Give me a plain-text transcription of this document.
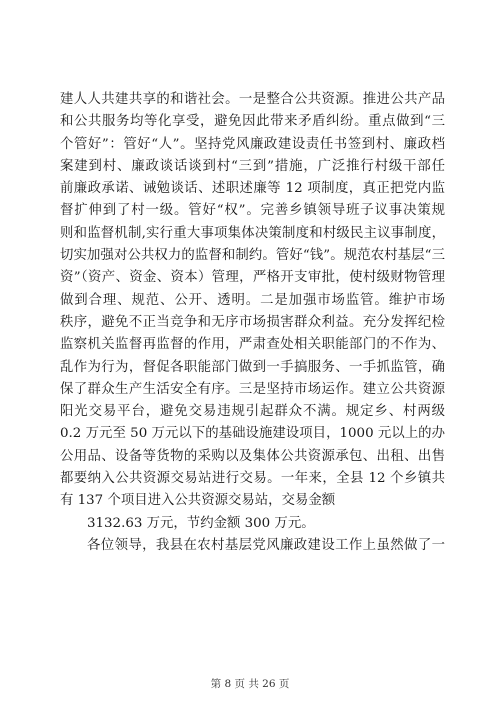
建人人共建共享的和谐社会。一是整合公共资源。推进公共产品
和公共服务均等化享受，避免因此带来矛盾纠纷。重点做到“三
个管好”：管好“人”。坚持党风廉政建设责任书签到村、廉政档
案建到村、廉政谈话谈到村“三到”措施，广泛推行村级干部任
前廉政承诺、诫勉谈话、述职述廉等 12 项制度，真正把党内监
督扩伸到了村一级。管好“权”。完善乡镇领导班子议事决策规
则和监督机制,实行重大事项集体决策制度和村级民主议事制度，
切实加强对公共权力的监督和制约。管好“钱”。规范农村基层“三
资”（资产、资金、资本）管理，严格开支审批，使村级财物管理
做到合理、规范、公开、透明。二是加强市场监管。维护市场
秩序，避免不正当竞争和无序市场损害群众利益。充分发挥纪检
监察机关监督再监督的作用，严肃查处相关职能部门的不作为、
乱作为行为，督促各职能部门做到一手搞服务、一手抓监管，确
保了群众生产生活安全有序。三是坚持市场运作。建立公共资源
阳光交易平台，避免交易违规引起群众不满。规定乡、村两级
0.2 万元至 50 万元以下的基础设施建设项目，1000 元以上的办
公用品、设备等货物的采购以及集体公共资源承包、出租、出售
都要纳入公共资源交易站进行交易。一年来，全县 12 个乡镇共
有 137 个项目进入公共资源交易站，交易金额
3132.63 万元，节约金额 300 万元。
各位领导，我县在农村基层党风廉政建设工作上虽然做了一
第 8 页 共 26 页
